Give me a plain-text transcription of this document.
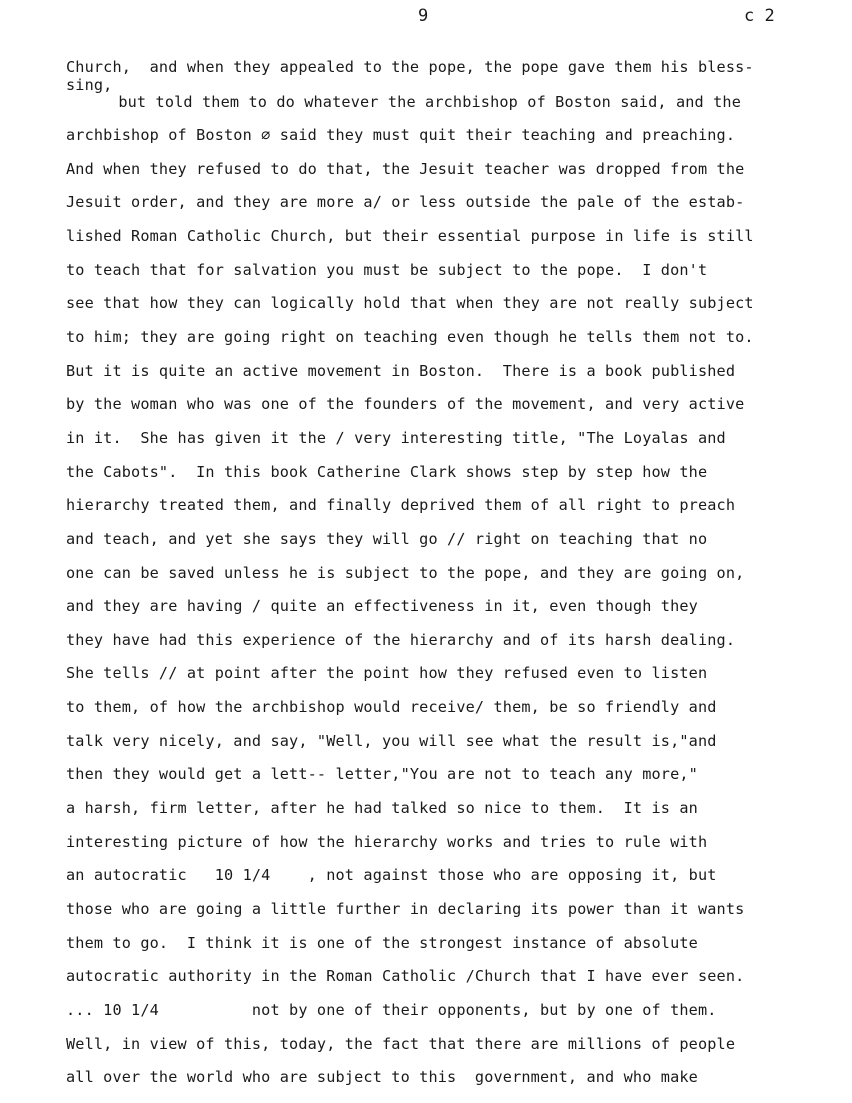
9	c 2
Church,  and when they appealed to the pope, the pope gave them his bless-
sing,
but told them to do whatever the archbishop of Boston said, and the
archbishop of Boston ∅ said they must quit their teaching and preaching.
And when they refused to do that, the Jesuit teacher was dropped from the
Jesuit order, and they are more a∕ or less outside the pale of the estab-
lished Roman Catholic Church, but their essential purpose in life is still
to teach that for salvation you must be subject to the pope.  I don't
see that how they can logically hold that when they are not really subject
to him; they are going right on teaching even though he tells them not to.
But it is quite an active movement in Boston.  There is a book published
by the woman who was one of the founders of the movement, and very active
in it.  She has given it the ∕ very interesting title, "The Loyalas and
the Cabots".  In this book Catherine Clark shows step by step how the
hierarchy treated them, and finally deprived them of all right to preach
and teach, and yet she says they will go ∕∕ right on teaching that no
one can be saved unless he is subject to the pope, and they are going on,
and they are having ∕ quite an effectiveness in it, even though they
they have had this experience of the hierarchy and of its harsh dealing.
She tells ∕∕ at point after the point how they refused even to listen
to them, of how the archbishop would receive/ them, be so friendly and
talk very nicely, and say, "Well, you will see what the result is,"and
then they would get a lett-- letter,"You are not to teach any more,"
a harsh, firm letter, after he had talked so nice to them.  It is an
interesting picture of how the hierarchy works and tries to rule with
an autocratic   10 1/4    , not against those who are opposing it, but
those who are going a little further in declaring its power than it wants
them to go.  I think it is one of the strongest instance of absolute
autocratic authority in the Roman Catholic /Church that I have ever seen.
... 10 1/4          not by one of their opponents, but by one of them.
Well, in view of this, today, the fact that there are millions of people
all over the world who are subject to this  government, and who make
